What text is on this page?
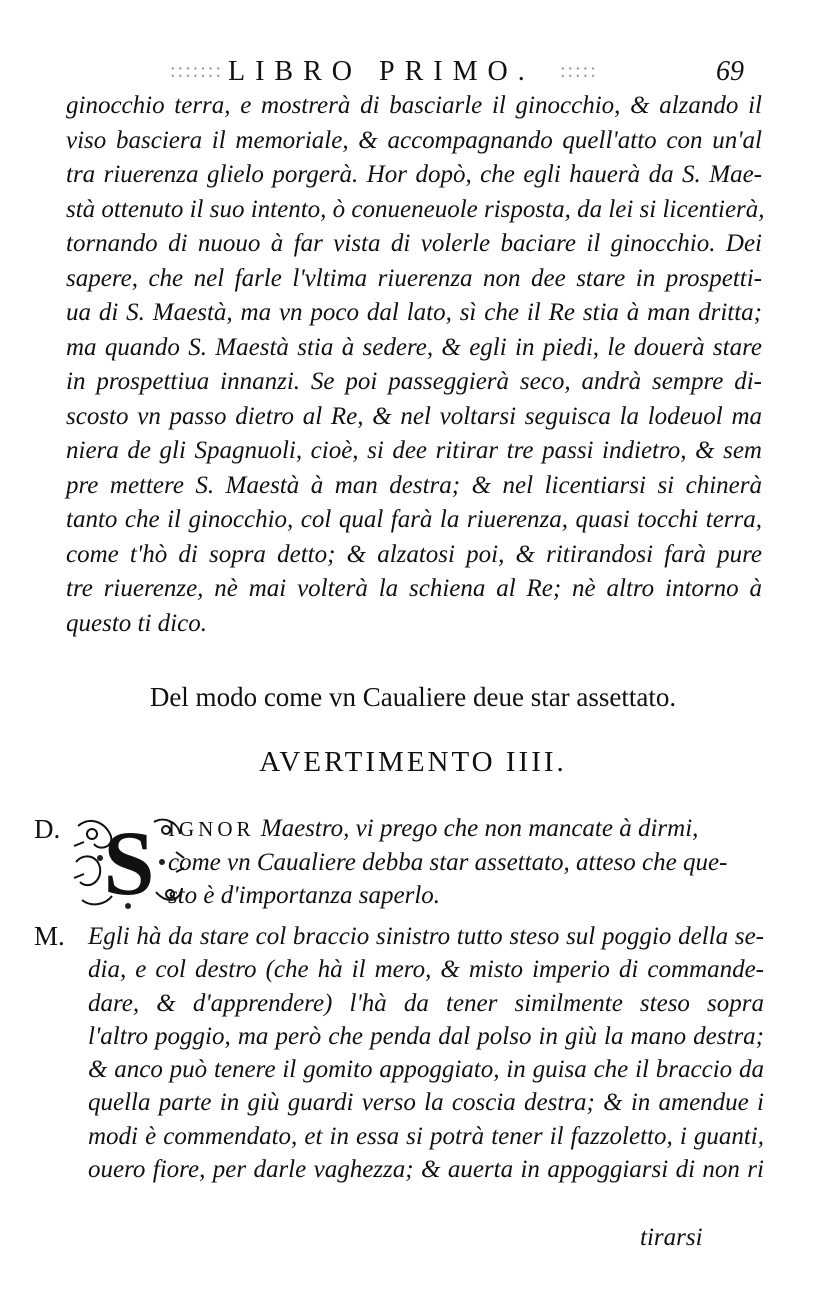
::::::: LIBRO PRIMO. :::::	69
ginocchio terra, e mostrerà di basciarle il ginocchio, & alzando il
viso basciera il memoriale, & accompagnando quell'atto con un'al
tra riuerenza glielo porgerà. Hor dopò, che egli hauerà da S. Mae-
stà ottenuto il suo intento, ò conueneuole risposta, da lei si licentierà,
tornando di nuouo à far vista di volerle baciare il ginocchio. Dei
sapere, che nel farle l'vltima riuerenza non dee stare in prospetti-
ua di S. Maestà, ma vn poco dal lato, sì che il Re stia à man dritta;
ma quando S. Maestà stia à sedere, & egli in piedi, le douerà stare
in prospettiua innanzi. Se poi passeggierà seco, andrà sempre di-
scosto vn passo dietro al Re, & nel voltarsi seguisca la lodeuol ma
niera de gli Spagnuoli, cioè, si dee ritirar tre passi indietro, & sem
pre mettere S. Maestà à man destra; & nel licentiarsi si chinerà
tanto che il ginocchio, col qual farà la riuerenza, quasi tocchi terra,
come t'hò di sopra detto; & alzatosi poi, & ritirandosi farà pure
tre riuerenze, nè mai volterà la schiena al Re; nè altro intorno à
questo ti dico.
Del modo come vn Caualiere deue star assettato.
AVERTIMENTO IIII.
D. S IGNOR Maestro, vi prego che non mancate à dirmi,
come vn Caualiere debba star assettato, atteso che que-
sto è d'importanza saperlo.
M. Egli hà da stare col braccio sinistro tutto steso sul poggio della se-
dia, e col destro (che hà il mero, & misto imperio di commande-
dare, & d'apprendere) l'hà da tener similmente steso sopra
l'altro poggio, ma però che penda dal polso in giù la mano destra;
& anco può tenere il gomito appoggiato, in guisa che il braccio da
quella parte in giù guardi verso la coscia destra; & in amendue i
modi è commendato, et in essa si potrà tener il fazzoletto, i guanti,
ouero fiore, per darle vaghezza; & auerta in appoggiarsi di non ri
tirarsi
